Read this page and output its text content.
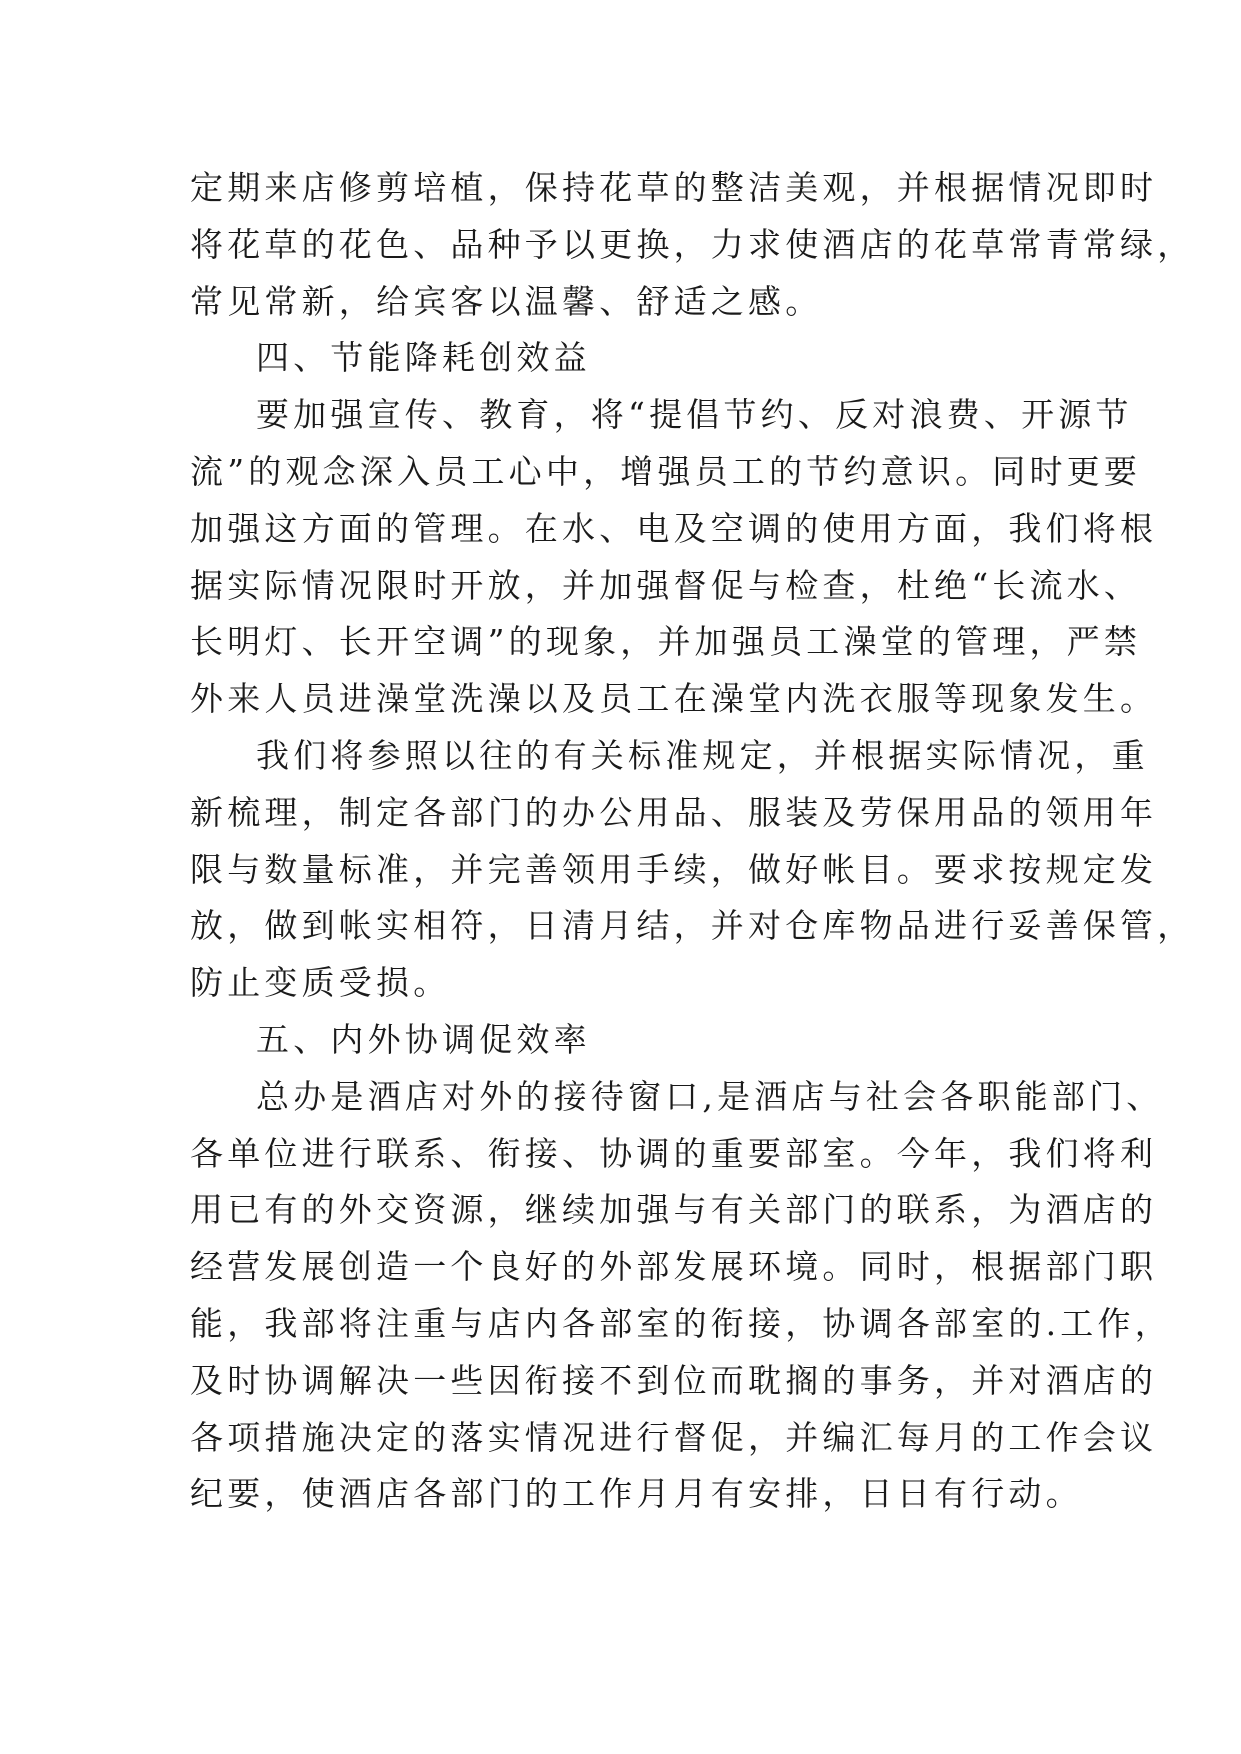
定期来店修剪培植，保持花草的整洁美观，并根据情况即时
将花草的花色、品种予以更换，力求使酒店的花草常青常绿，
常见常新，给宾客以温馨、舒适之感。
四、节能降耗创效益
要加强宣传、教育，将“提倡节约、反对浪费、开源节
流”的观念深入员工心中，增强员工的节约意识。同时更要
加强这方面的管理。在水、电及空调的使用方面，我们将根
据实际情况限时开放，并加强督促与检查，杜绝“长流水、
长明灯、长开空调”的现象，并加强员工澡堂的管理，严禁
外来人员进澡堂洗澡以及员工在澡堂内洗衣服等现象发生。
我们将参照以往的有关标准规定，并根据实际情况，重
新梳理，制定各部门的办公用品、服装及劳保用品的领用年
限与数量标准，并完善领用手续，做好帐目。要求按规定发
放，做到帐实相符，日清月结，并对仓库物品进行妥善保管，
防止变质受损。
五、内外协调促效率
总办是酒店对外的接待窗口,是酒店与社会各职能部门、
各单位进行联系、衔接、协调的重要部室。今年，我们将利
用已有的外交资源，继续加强与有关部门的联系，为酒店的
经营发展创造一个良好的外部发展环境。同时，根据部门职
能，我部将注重与店内各部室的衔接，协调各部室的.工作，
及时协调解决一些因衔接不到位而耽搁的事务，并对酒店的
各项措施决定的落实情况进行督促，并编汇每月的工作会议
纪要，使酒店各部门的工作月月有安排，日日有行动。
